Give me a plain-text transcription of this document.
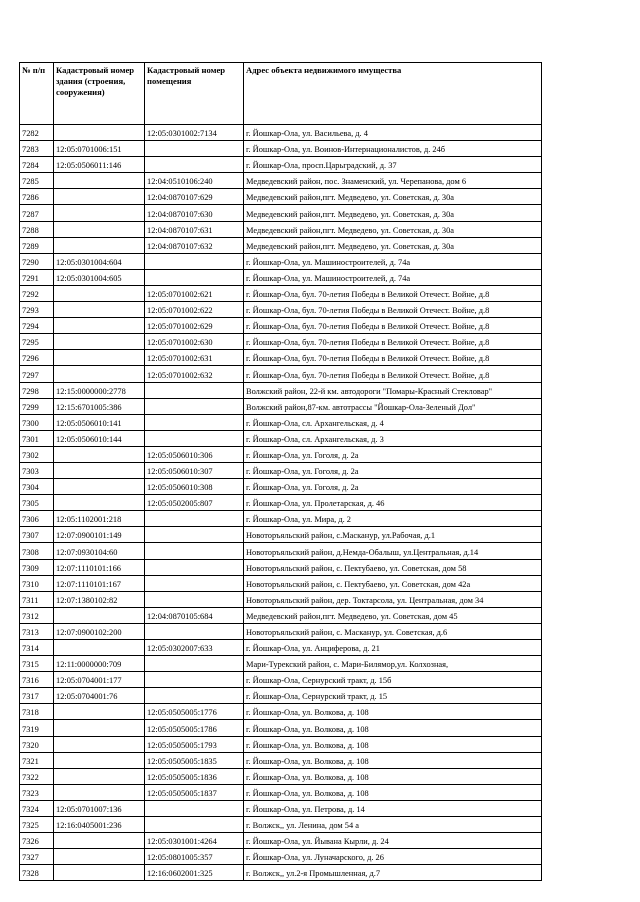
№ п/п	Кадастровый номер здания (строения, сооружения)	Кадастровый номер помещения	Адрес объекта недвижимого имущества
7282		12:05:0301002:7134	г. Йошкар-Ола, ул. Васильева, д. 4
7283	12:05:0701006:151		г. Йошкар-Ола, ул. Воинов-Интернационалистов, д. 24б
7284	12:05:0506011:146		г. Йошкар-Ола, просп.Царьградский, д. 37
7285		12:04:0510106:240	Медведевский район, пос. Знаменский, ул. Черепанова, дом 6
7286		12:04:0870107:629	Медведевский район,пгт. Медведево, ул. Советская, д. 30а
7287		12:04:0870107:630	Медведевский район,пгт. Медведево, ул. Советская, д. 30а
7288		12:04:0870107:631	Медведевский район,пгт. Медведево, ул. Советская, д. 30а
7289		12:04:0870107:632	Медведевский район,пгт. Медведево, ул. Советская, д. 30а
7290	12:05:0301004:604		г. Йошкар-Ола, ул. Машиностроителей, д. 74а
7291	12:05:0301004:605		г. Йошкар-Ола, ул. Машиностроителей, д. 74а
7292		12:05:0701002:621	г. Йошкар-Ола, бул. 70-летия Победы в Великой Отечест. Войне, д.8
7293		12:05:0701002:622	г. Йошкар-Ола, бул. 70-летия Победы в Великой Отечест. Войне, д.8
7294		12:05:0701002:629	г. Йошкар-Ола, бул. 70-летия Победы в Великой Отечест. Войне, д.8
7295		12:05:0701002:630	г. Йошкар-Ола, бул. 70-летия Победы в Великой Отечест. Войне, д.8
7296		12:05:0701002:631	г. Йошкар-Ола, бул. 70-летия Победы в Великой Отечест. Войне, д.8
7297		12:05:0701002:632	г. Йошкар-Ола, бул. 70-летия Победы в Великой Отечест. Войне, д.8
7298	12:15:0000000:2778		Волжский район, 22-й км. автодороги "Помары-Красный Стекловар"
7299	12:15:6701005:386		Волжский район,87-км. автотрассы "Йошкар-Ола-Зеленый Дол"
7300	12:05:0506010:141		г. Йошкар-Ола, сл. Архангельская, д. 4
7301	12:05:0506010:144		г. Йошкар-Ола, сл. Архангельская, д. 3
7302		12:05:0506010:306	г. Йошкар-Ола, ул. Гоголя, д. 2а
7303		12:05:0506010:307	г. Йошкар-Ола, ул. Гоголя, д. 2а
7304		12:05:0506010:308	г. Йошкар-Ола, ул. Гоголя, д. 2а
7305		12:05:0502005:807	г. Йошкар-Ола, ул. Пролетарская, д. 46
7306	12:05:1102001:218		г. Йошкар-Ола, ул. Мира, д. 2
7307	12:07:0900101:149		Новоторъяльский район, с.Масканур, ул.Рабочая, д.1
7308	12:07:0930104:60		Новоторъяльский район, д.Немда-Обалыш, ул.Центральная, д.14
7309	12:07:1110101:166		Новоторъяльский район, с. Пектубаево, ул. Советская, дом 58
7310	12:07:1110101:167		Новоторъяльский район, с. Пектубаево, ул. Советская, дом 42а
7311	12:07:1380102:82		Новоторъяльский район, дер. Токтарсола, ул. Центральная, дом 34
7312		12:04:0870105:684	Медведевский район,пгт. Медведево, ул. Советская, дом 45
7313	12:07:0900102:200		Новоторъяльский район, с. Масканур, ул. Советская, д.6
7314		12:05:0302007:633	г. Йошкар-Ола, ул. Анциферова, д. 21
7315	12:11:0000000:709		Мари-Турекский район, с. Мари-Билямор,ул. Колхозная,
7316	12:05:0704001:177		г. Йошкар-Ола, Сернурский тракт, д. 15б
7317	12:05:0704001:76		г. Йошкар-Ола, Сернурский тракт, д. 15
7318		12:05:0505005:1776	г. Йошкар-Ола, ул. Волкова, д. 108
7319		12:05:0505005:1786	г. Йошкар-Ола, ул. Волкова, д. 108
7320		12:05:0505005:1793	г. Йошкар-Ола, ул. Волкова, д. 108
7321		12:05:0505005:1835	г. Йошкар-Ола, ул. Волкова, д. 108
7322		12:05:0505005:1836	г. Йошкар-Ола, ул. Волкова, д. 108
7323		12:05:0505005:1837	г. Йошкар-Ола, ул. Волкова, д. 108
7324	12:05:0701007:136		г. Йошкар-Ола, ул. Петрова, д. 14
7325	12:16:0405001:236		г. Волжск,, ул. Ленина, дом 54 а
7326		12:05:0301001:4264	г. Йошкар-Ола, ул. Йывана Кырли, д. 24
7327		12:05:0801005:357	г. Йошкар-Ола, ул. Луначарского, д. 26
7328		12:16:0602001:325	г. Волжск,, ул.2-я Промышленная, д.7
